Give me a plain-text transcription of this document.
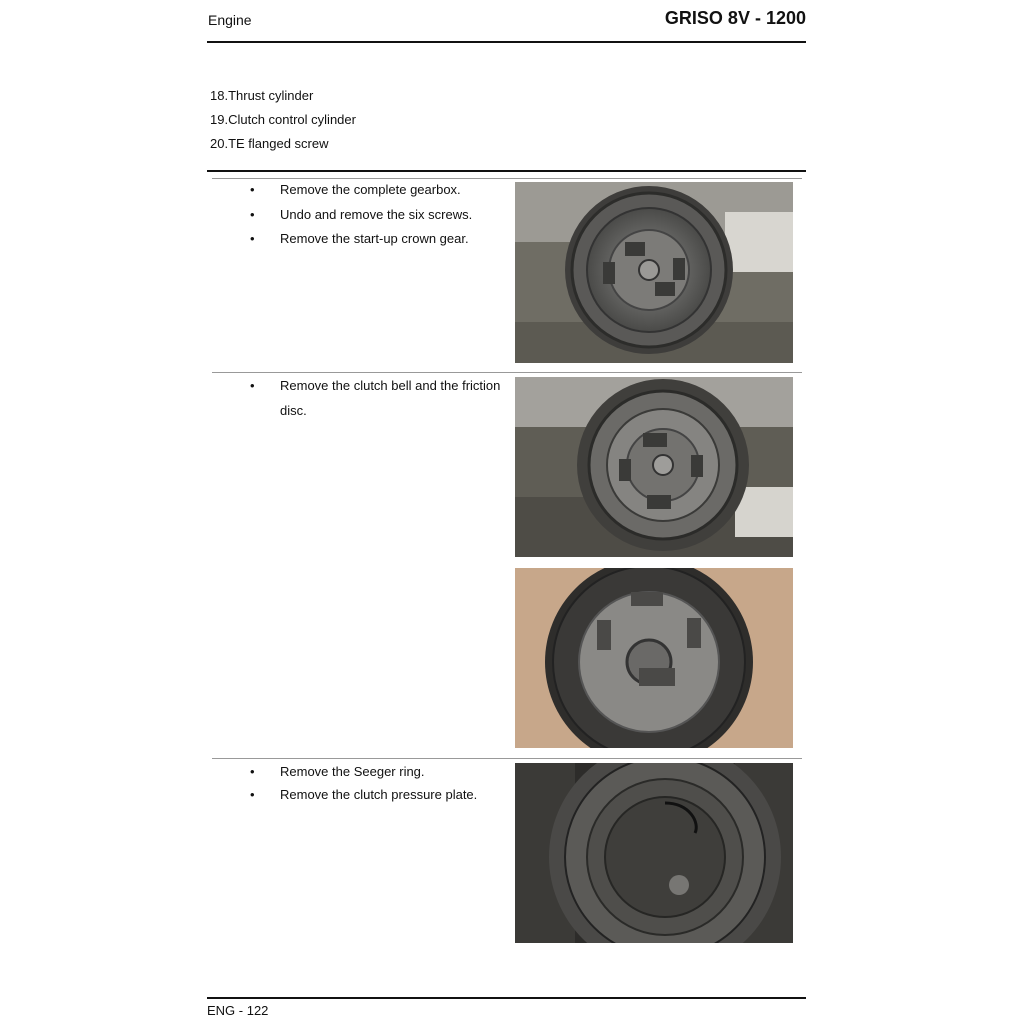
Engine	GRISO 8V - 1200
18.Thrust cylinder
19.Clutch control cylinder
20.TE flanged screw
•	Remove the complete gearbox.
•	Undo and remove the six screws.
•	Remove the start-up crown gear.
•	Remove the clutch bell and the friction
disc.
•	Remove the Seeger ring.
•	Remove the clutch pressure plate.
ENG - 122
